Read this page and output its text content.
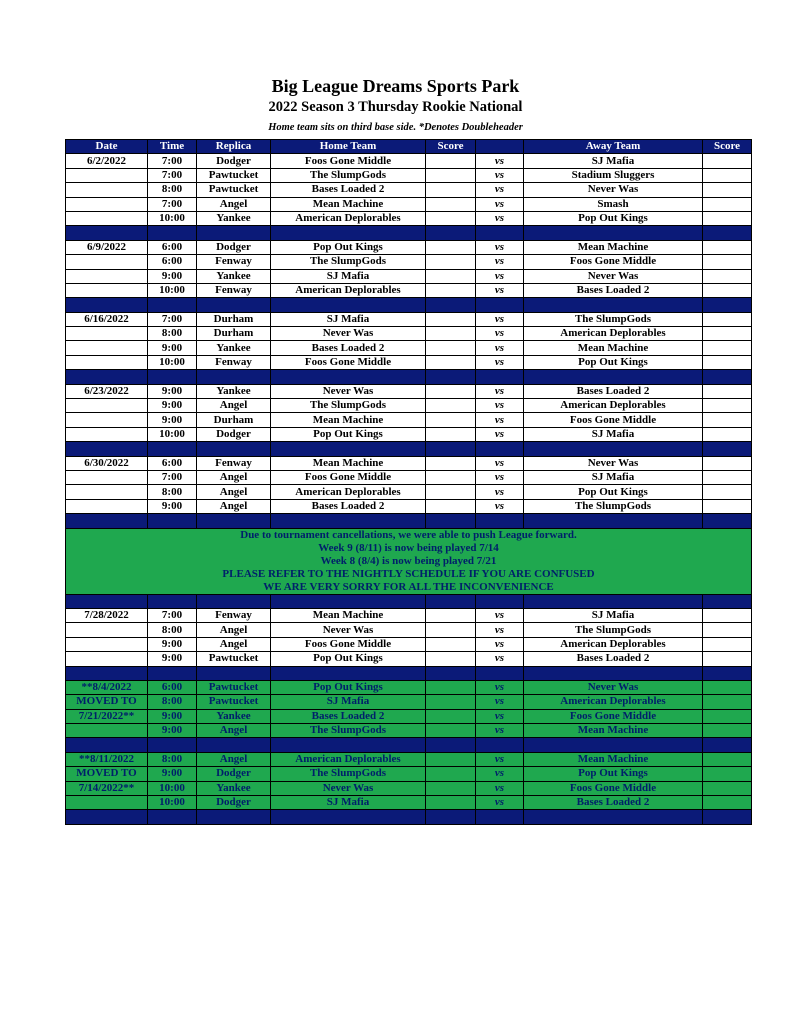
Big League Dreams Sports Park
2022 Season 3 Thursday Rookie National
Home team sits on third base side. *Denotes Doubleheader
Date	Time	Replica	Home Team	Score		Away Team	Score
6/2/2022	7:00	Dodger	Foos Gone Middle		vs	SJ Mafia	
	7:00	Pawtucket	The SlumpGods		vs	Stadium Sluggers	
	8:00	Pawtucket	Bases Loaded 2		vs	Never Was	
	7:00	Angel	Mean Machine		vs	Smash	
	10:00	Yankee	American Deplorables		vs	Pop Out Kings	

6/9/2022	6:00	Dodger	Pop Out Kings		vs	Mean Machine	
	6:00	Fenway	The SlumpGods		vs	Foos Gone Middle	
	9:00	Yankee	SJ Mafia		vs	Never Was	
	10:00	Fenway	American Deplorables		vs	Bases Loaded 2	

6/16/2022	7:00	Durham	SJ Mafia		vs	The SlumpGods	
	8:00	Durham	Never Was		vs	American Deplorables	
	9:00	Yankee	Bases Loaded 2		vs	Mean Machine	
	10:00	Fenway	Foos Gone Middle		vs	Pop Out Kings	

6/23/2022	9:00	Yankee	Never Was		vs	Bases Loaded 2	
	9:00	Angel	The SlumpGods		vs	American Deplorables	
	9:00	Durham	Mean Machine		vs	Foos Gone Middle	
	10:00	Dodger	Pop Out Kings		vs	SJ Mafia	

6/30/2022	6:00	Fenway	Mean Machine		vs	Never Was	
	7:00	Angel	Foos Gone Middle		vs	SJ Mafia	
	8:00	Angel	American Deplorables		vs	Pop Out Kings	
	9:00	Angel	Bases Loaded 2		vs	The SlumpGods	

Due to tournament cancellations, we were able to push League forward.
Week 9 (8/11) is now being played 7/14
Week 8 (8/4) is now being played 7/21
PLEASE REFER TO THE NIGHTLY SCHEDULE IF YOU ARE CONFUSED
WE ARE VERY SORRY FOR ALL THE INCONVENIENCE							

7/28/2022	7:00	Fenway	Mean Machine		vs	SJ Mafia	
	8:00	Angel	Never Was		vs	The SlumpGods	
	9:00	Angel	Foos Gone Middle		vs	American Deplorables	
	9:00	Pawtucket	Pop Out Kings		vs	Bases Loaded 2	

**8/4/2022	6:00	Pawtucket	Pop Out Kings		vs	Never Was	
MOVED TO	8:00	Pawtucket	SJ Mafia		vs	American Deplorables	
7/21/2022**	9:00	Yankee	Bases Loaded 2		vs	Foos Gone Middle	
	9:00	Angel	The SlumpGods		vs	Mean Machine	

**8/11/2022	8:00	Angel	American Deplorables		vs	Mean Machine	
MOVED TO	9:00	Dodger	The SlumpGods		vs	Pop Out Kings	
7/14/2022**	10:00	Yankee	Never Was		vs	Foos Gone Middle	
	10:00	Dodger	SJ Mafia		vs	Bases Loaded 2	
